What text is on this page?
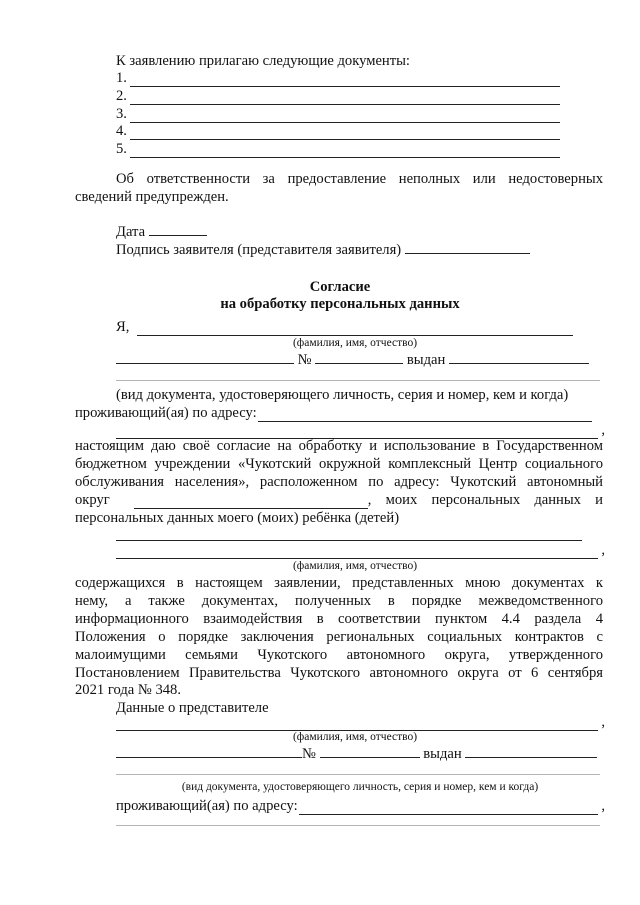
К заявлению прилагаю следующие документы:
1.
2.
3.
4.
5.
Об ответственности за предоставление неполных или недостоверных
сведений предупрежден.
Дата
Подпись заявителя (представителя заявителя)
Согласие
на обработку персональных данных
Я,
(фамилия, имя, отчество)
№	выдан
(вид документа, удостоверяющего личность, серия и номер, кем и когда)
проживающий(ая) по адресу:
,
настоящим даю своё согласие на обработку и использование в Государственном
бюджетном учреждении «Чукотский окружной комплексный Центр социального
обслуживания населения», расположенном по адресу: Чукотский автономный
округ	, моих персональных данных и
персональных данных моего (моих) ребёнка (детей)
,
(фамилия, имя, отчество)
содержащихся в настоящем заявлении, представленных мною документах к
нему, а также документах, полученных в порядке межведомственного
информационного взаимодействия в соответствии пунктом 4.4 раздела 4
Положения о порядке заключения региональных социальных контрактов с
малоимущими семьями Чукотского автономного округа, утвержденного
Постановлением Правительства Чукотского автономного округа от 6 сентября
2021 года № 348.
Данные о представителе
,
(фамилия, имя, отчество)
№	выдан
(вид документа, удостоверяющего личность, серия и номер, кем и когда)
проживающий(ая) по адресу:	,
